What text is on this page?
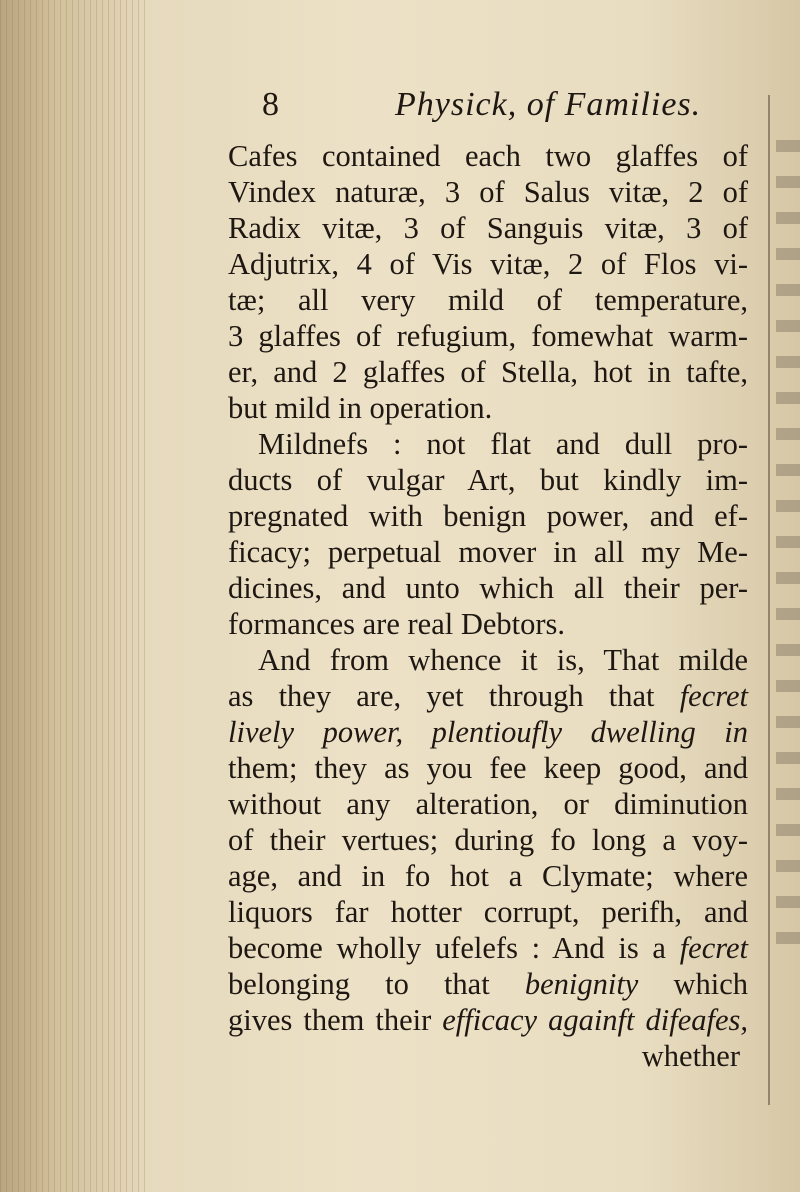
8	Physick, of Families.
Cafes contained each two glaffes of
Vindex naturæ, 3 of Salus vitæ, 2 of
Radix vitæ, 3 of Sanguis vitæ, 3 of
Adjutrix, 4 of Vis vitæ, 2 of Flos vi-
tæ; all very mild of temperature,
3 glaffes of refugium, fomewhat warm-
er, and 2 glaffes of Stella, hot in tafte,
but mild in operation.
Mildnefs : not flat and dull pro-
ducts of vulgar Art, but kindly im-
pregnated with benign power, and ef-
ficacy; perpetual mover in all my Me-
dicines, and unto which all their per-
formances are real Debtors.
And from whence it is, That milde
as they are, yet through that fecret
lively power, plentioufly dwelling in
them; they as you fee keep good, and
without any alteration, or diminution
of their vertues; during fo long a voy-
age, and in fo hot a Clymate; where
liquors far hotter corrupt, perifh, and
become wholly ufelefs : And is a fecret
belonging to that benignity which
gives them their efficacy againft difeafes,
whether
